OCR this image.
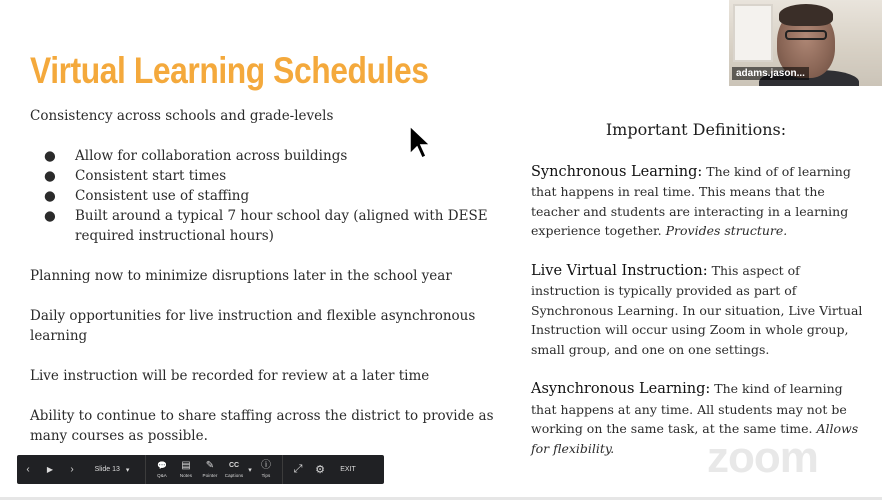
Virtual Learning Schedules

Consistency across schools and grade-levels

● Allow for collaboration across buildings
● Consistent start times
● Consistent use of staffing
● Built around a typical 7 hour school day (aligned with DESE required instructional hours)

Planning now to minimize disruptions later in the school year

Daily opportunities for live instruction and flexible asynchronous learning

Live instruction will be recorded for review at a later time

Ability to continue to share staffing across the district to provide as many courses as possible.

Important Definitions:
Synchronous Learning: The kind of of learning that happens in real time. This means that the teacher and students are interacting in a learning experience together. Provides structure.
Live Virtual Instruction: This aspect of instruction is typically provided as part of Synchronous Learning. In our situation, Live Virtual Instruction will occur using Zoom in whole group, small group, and one on one settings.
Asynchronous Learning: The kind of learning that happens at any time. All students may not be working on the same task, at the same time. Allows for flexibility.
adams.jason...
‹ ▶ ›	Slide 13 ▾	💬
Q&A
▤
Notes
✎
Pointer
CC
Captions
▾ ⓘ
Tips
⤢ ⚙ EXIT	zoom
